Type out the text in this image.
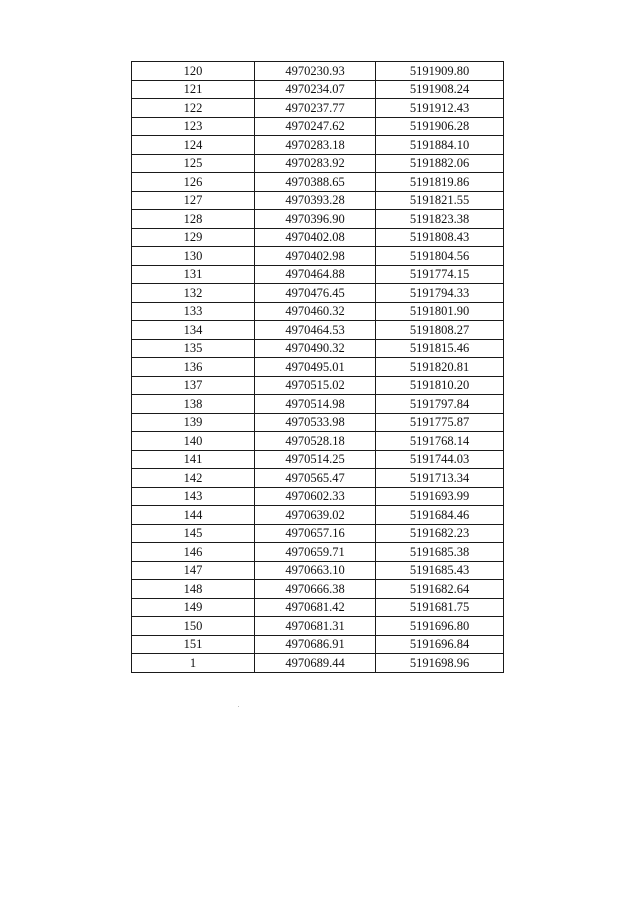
120	4970230.93	5191909.80
121	4970234.07	5191908.24
122	4970237.77	5191912.43
123	4970247.62	5191906.28
124	4970283.18	5191884.10
125	4970283.92	5191882.06
126	4970388.65	5191819.86
127	4970393.28	5191821.55
128	4970396.90	5191823.38
129	4970402.08	5191808.43
130	4970402.98	5191804.56
131	4970464.88	5191774.15
132	4970476.45	5191794.33
133	4970460.32	5191801.90
134	4970464.53	5191808.27
135	4970490.32	5191815.46
136	4970495.01	5191820.81
137	4970515.02	5191810.20
138	4970514.98	5191797.84
139	4970533.98	5191775.87
140	4970528.18	5191768.14
141	4970514.25	5191744.03
142	4970565.47	5191713.34
143	4970602.33	5191693.99
144	4970639.02	5191684.46
145	4970657.16	5191682.23
146	4970659.71	5191685.38
147	4970663.10	5191685.43
148	4970666.38	5191682.64
149	4970681.42	5191681.75
150	4970681.31	5191696.80
151	4970686.91	5191696.84
1	4970689.44	5191698.96
